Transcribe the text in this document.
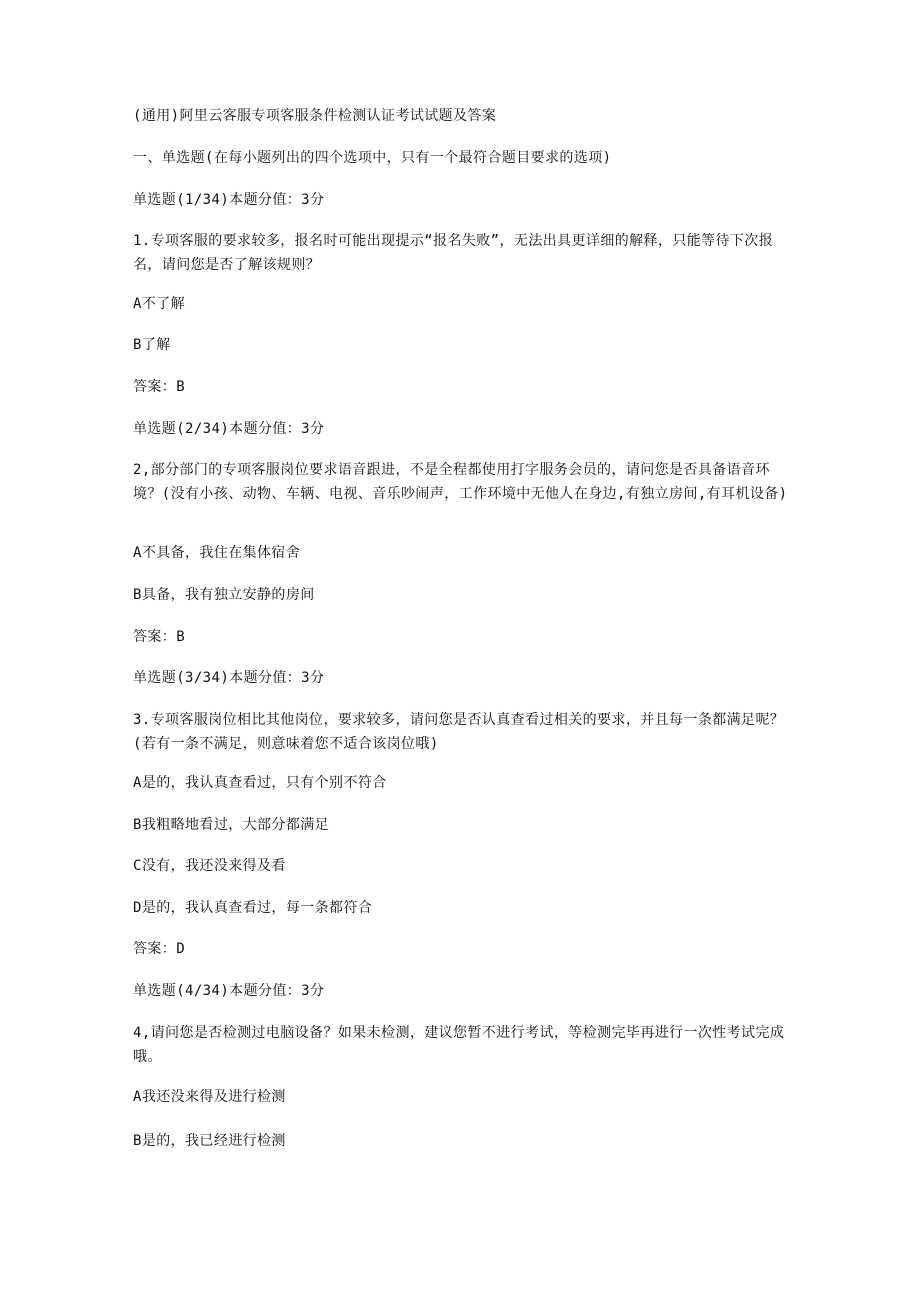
(通用)阿里云客服专项客服条件检测认证考试试题及答案
一、单选题(在每小题列出的四个选项中，只有一个最符合题目要求的选项)
单选题(1/34)本题分值：3分
1.专项客服的要求较多，报名时可能出现提示“报名失败”，无法出具更详细的解释，只能等待下次报名，请问您是否了解该规则？
A不了解
B了解
答案：B
单选题(2/34)本题分值：3分
2,部分部门的专项客服岗位要求语音跟进，不是全程都使用打字服务会员的，请问您是否具备语音环境？(没有小孩、动物、车辆、电视、音乐吵闹声，工作环境中无他人在身边,有独立房间,有耳机设备)
A不具备，我住在集体宿舍
B具备，我有独立安静的房间
答案：B
单选题(3/34)本题分值：3分
3.专项客服岗位相比其他岗位，要求较多，请问您是否认真查看过相关的要求，并且每一条都满足呢？(若有一条不满足，则意味着您不适合该岗位哦)
A是的，我认真查看过，只有个别不符合
B我粗略地看过，大部分都满足
C没有，我还没来得及看
D是的，我认真查看过，每一条都符合
答案：D
单选题(4/34)本题分值：3分
4,请问您是否检测过电脑设备？如果未检测，建议您暂不进行考试，等检测完毕再进行一次性考试完成哦。
A我还没来得及进行检测
B是的，我已经进行检测
